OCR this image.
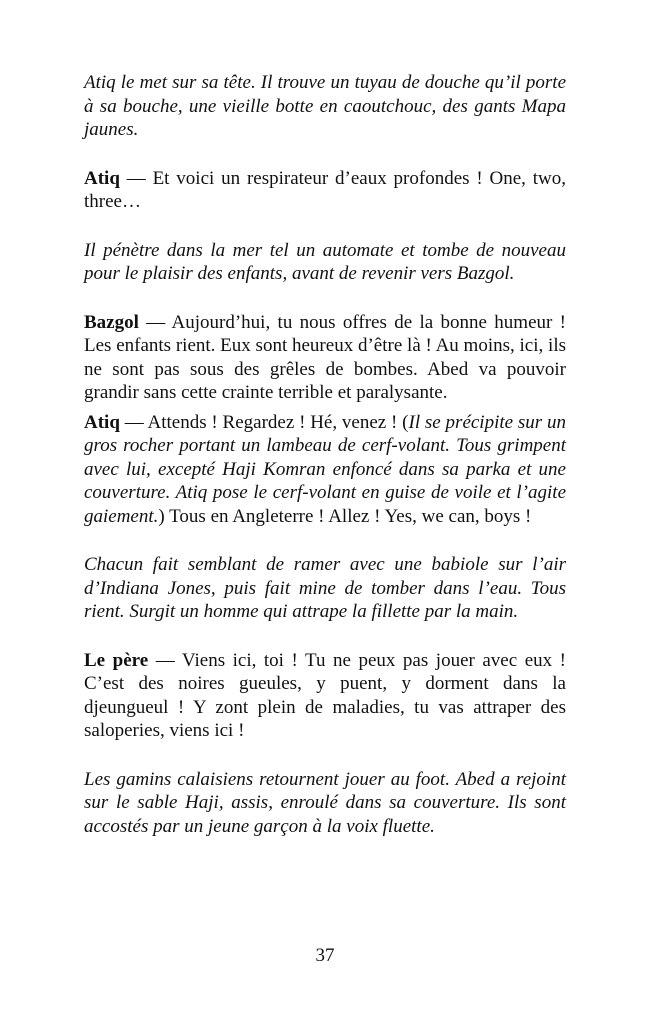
Atiq le met sur sa tête. Il trouve un tuyau de douche qu’il porte à sa bouche, une vieille botte en caoutchouc, des gants Mapa jaunes.

Atiq — Et voici un respirateur d’eaux profondes ! One, two, three…

Il pénètre dans la mer tel un automate et tombe de nouveau pour le plaisir des enfants, avant de revenir vers Bazgol.

Bazgol — Aujourd’hui, tu nous offres de la bonne humeur ! Les enfants rient. Eux sont heureux d’être là ! Au moins, ici, ils ne sont pas sous des grêles de bombes. Abed va pouvoir grandir sans cette crainte terrible et paralysante.

Atiq — Attends ! Regardez ! Hé, venez ! (Il se précipite sur un gros rocher portant un lambeau de cerf-volant. Tous grimpent avec lui, excepté Haji Komran enfoncé dans sa parka et une couverture. Atiq pose le cerf-volant en guise de voile et l’agite gaiement.) Tous en Angleterre ! Allez ! Yes, we can, boys !

Chacun fait semblant de ramer avec une babiole sur l’air d’Indiana Jones, puis fait mine de tomber dans l’eau. Tous rient. Surgit un homme qui attrape la fillette par la main.

Le père — Viens ici, toi ! Tu ne peux pas jouer avec eux ! C’est des noires gueules, y puent, y dorment dans la djeungueul ! Y zont plein de maladies, tu vas attraper des saloperies, viens ici !

Les gamins calaisiens retournent jouer au foot. Abed a rejoint sur le sable Haji, assis, enroulé dans sa couverture. Ils sont accostés par un jeune garçon à la voix fluette.

37
